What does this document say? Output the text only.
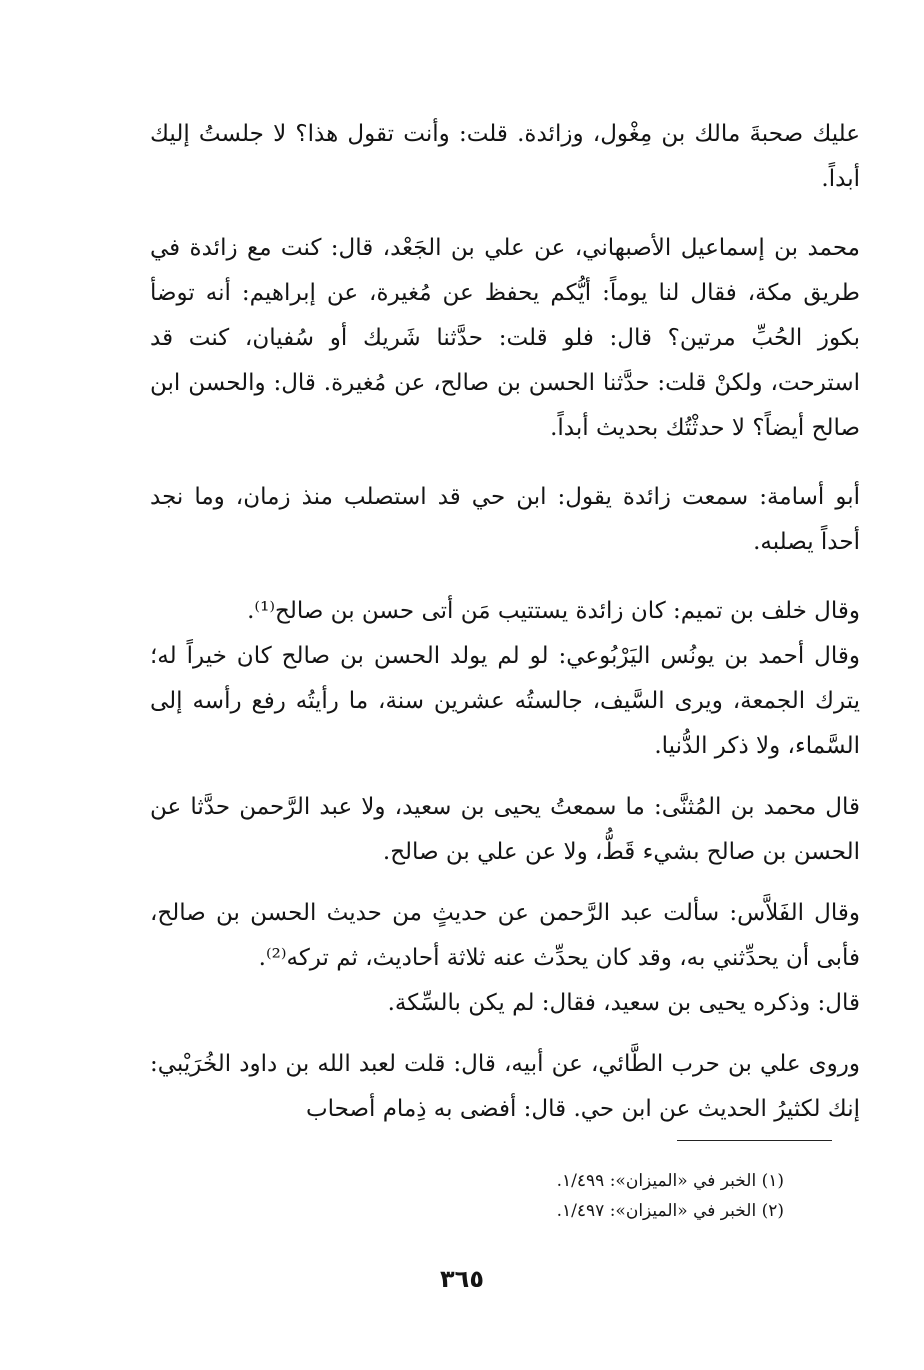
عليك صحبةَ مالك بن مِغْول، وزائدة. قلت: وأنت تقول هذا؟ لا جلستُ إليك أبداً.

محمد بن إسماعيل الأصبهاني، عن علي بن الجَعْد، قال: كنت مع زائدة في طريق مكة، فقال لنا يوماً: أيُّكم يحفظ عن مُغيرة، عن إبراهيم: أنه توضأ بكوز الحُبِّ مرتين؟ قال: فلو قلت: حدَّثنا شَريك أو سُفيان، كنت قد استرحت، ولكنْ قلت: حدَّثنا الحسن بن صالح، عن مُغيرة. قال: والحسن ابن صالح أيضاً؟ لا حدثْتُك بحديث أبداً.

أبو أسامة: سمعت زائدة يقول: ابن حي قد استصلب منذ زمان، وما نجد أحداً يصلبه.

وقال خلف بن تميم: كان زائدة يستتيب مَن أتى حسن بن صالح⁽¹⁾.

وقال أحمد بن يونُس اليَرْبُوعي: لو لم يولد الحسن بن صالح كان خيراً له؛ يترك الجمعة، ويرى السَّيف، جالستُه عشرين سنة، ما رأيتُه رفع رأسه إلى السَّماء، ولا ذكر الدُّنيا.

قال محمد بن المُثنَّى: ما سمعتُ يحيى بن سعيد، ولا عبد الرَّحمن حدَّثا عن الحسن بن صالح بشيء قَطُّ، ولا عن علي بن صالح.

وقال الفَلاَّس: سألت عبد الرَّحمن عن حديثٍ من حديث الحسن بن صالح، فأبى أن يحدِّثني به، وقد كان يحدِّث عنه ثلاثة أحاديث، ثم تركه⁽²⁾.

قال: وذكره يحيى بن سعيد، فقال: لم يكن بالسِّكة.

وروى علي بن حرب الطَّائي، عن أبيه، قال: قلت لعبد الله بن داود الخُرَيْبي: إنك لكثيرُ الحديث عن ابن حي. قال: أفضى به ذِمام أصحاب

(١) الخبر في «الميزان»: ١/٤٩٩.

(٢) الخبر في «الميزان»: ١/٤٩٧.

٣٦٥
